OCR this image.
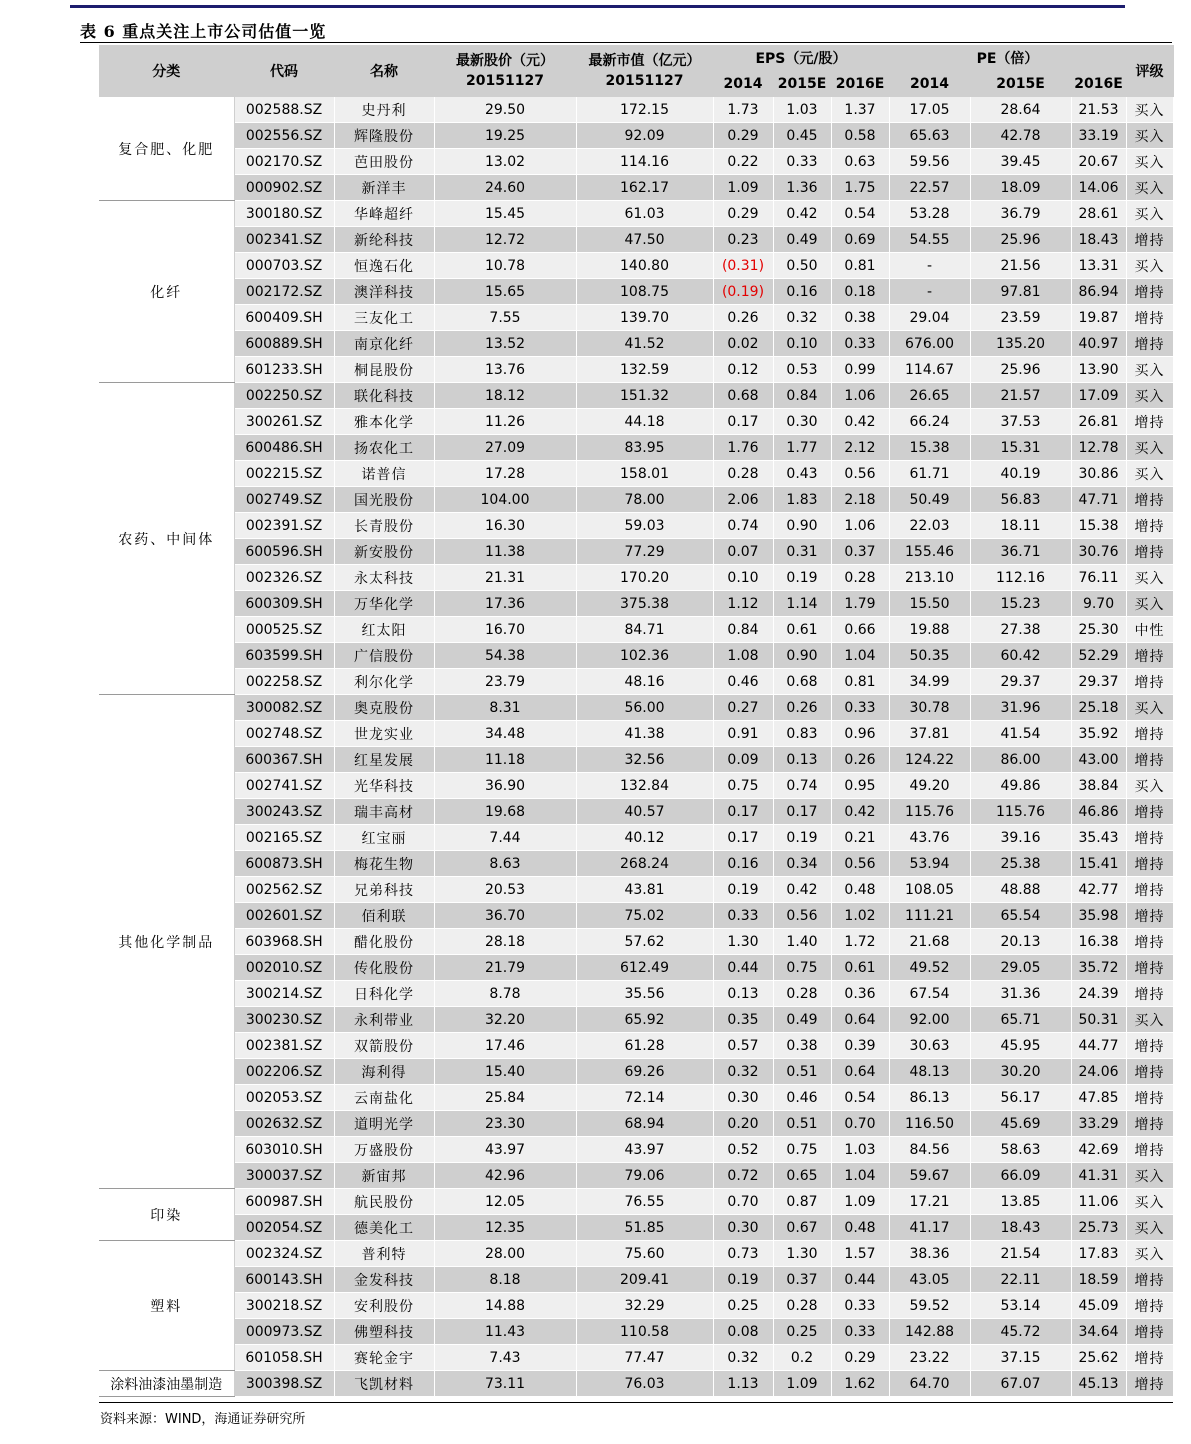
表 6 重点关注上市公司估值一览
分类	代码	名称	最新股价（元）20151127	最新市值（亿元）20151127	EPS（元/股）			PE（倍）			评级
					2014	2015E	2016E	2014	2015E	2016E	
复合肥、化肥	002588.SZ	史丹利	29.50	172.15	1.73	1.03	1.37	17.05	28.64	21.53	买入
	002556.SZ	辉隆股份	19.25	92.09	0.29	0.45	0.58	65.63	42.78	33.19	买入
	002170.SZ	芭田股份	13.02	114.16	0.22	0.33	0.63	59.56	39.45	20.67	买入
	000902.SZ	新洋丰	24.60	162.17	1.09	1.36	1.75	22.57	18.09	14.06	买入
化纤	300180.SZ	华峰超纤	15.45	61.03	0.29	0.42	0.54	53.28	36.79	28.61	买入
	002341.SZ	新纶科技	12.72	47.50	0.23	0.49	0.69	54.55	25.96	18.43	增持
	000703.SZ	恒逸石化	10.78	140.80	(0.31)	0.50	0.81	-	21.56	13.31	买入
	002172.SZ	澳洋科技	15.65	108.75	(0.19)	0.16	0.18	-	97.81	86.94	增持
	600409.SH	三友化工	7.55	139.70	0.26	0.32	0.38	29.04	23.59	19.87	增持
	600889.SH	南京化纤	13.52	41.52	0.02	0.10	0.33	676.00	135.20	40.97	增持
	601233.SH	桐昆股份	13.76	132.59	0.12	0.53	0.99	114.67	25.96	13.90	买入
农药、中间体	002250.SZ	联化科技	18.12	151.32	0.68	0.84	1.06	26.65	21.57	17.09	买入
	300261.SZ	雅本化学	11.26	44.18	0.17	0.30	0.42	66.24	37.53	26.81	增持
	600486.SH	扬农化工	27.09	83.95	1.76	1.77	2.12	15.38	15.31	12.78	买入
	002215.SZ	诺普信	17.28	158.01	0.28	0.43	0.56	61.71	40.19	30.86	买入
	002749.SZ	国光股份	104.00	78.00	2.06	1.83	2.18	50.49	56.83	47.71	增持
	002391.SZ	长青股份	16.30	59.03	0.74	0.90	1.06	22.03	18.11	15.38	增持
	600596.SH	新安股份	11.38	77.29	0.07	0.31	0.37	155.46	36.71	30.76	增持
	002326.SZ	永太科技	21.31	170.20	0.10	0.19	0.28	213.10	112.16	76.11	买入
	600309.SH	万华化学	17.36	375.38	1.12	1.14	1.79	15.50	15.23	9.70	买入
	000525.SZ	红太阳	16.70	84.71	0.84	0.61	0.66	19.88	27.38	25.30	中性
	603599.SH	广信股份	54.38	102.36	1.08	0.90	1.04	50.35	60.42	52.29	增持
	002258.SZ	利尔化学	23.79	48.16	0.46	0.68	0.81	34.99	29.37	29.37	增持
其他化学制品	300082.SZ	奥克股份	8.31	56.00	0.27	0.26	0.33	30.78	31.96	25.18	买入
	002748.SZ	世龙实业	34.48	41.38	0.91	0.83	0.96	37.81	41.54	35.92	增持
	600367.SH	红星发展	11.18	32.56	0.09	0.13	0.26	124.22	86.00	43.00	增持
	002741.SZ	光华科技	36.90	132.84	0.75	0.74	0.95	49.20	49.86	38.84	买入
	300243.SZ	瑞丰高材	19.68	40.57	0.17	0.17	0.42	115.76	115.76	46.86	增持
	002165.SZ	红宝丽	7.44	40.12	0.17	0.19	0.21	43.76	39.16	35.43	增持
	600873.SH	梅花生物	8.63	268.24	0.16	0.34	0.56	53.94	25.38	15.41	增持
	002562.SZ	兄弟科技	20.53	43.81	0.19	0.42	0.48	108.05	48.88	42.77	增持
	002601.SZ	佰利联	36.70	75.02	0.33	0.56	1.02	111.21	65.54	35.98	增持
	603968.SH	醋化股份	28.18	57.62	1.30	1.40	1.72	21.68	20.13	16.38	增持
	002010.SZ	传化股份	21.79	612.49	0.44	0.75	0.61	49.52	29.05	35.72	增持
	300214.SZ	日科化学	8.78	35.56	0.13	0.28	0.36	67.54	31.36	24.39	增持
	300230.SZ	永利带业	32.20	65.92	0.35	0.49	0.64	92.00	65.71	50.31	买入
	002381.SZ	双箭股份	17.46	61.28	0.57	0.38	0.39	30.63	45.95	44.77	增持
	002206.SZ	海利得	15.40	69.26	0.32	0.51	0.64	48.13	30.20	24.06	增持
	002053.SZ	云南盐化	25.84	72.14	0.30	0.46	0.54	86.13	56.17	47.85	增持
	002632.SZ	道明光学	23.30	68.94	0.20	0.51	0.70	116.50	45.69	33.29	增持
	603010.SH	万盛股份	43.97	43.97	0.52	0.75	1.03	84.56	58.63	42.69	增持
	300037.SZ	新宙邦	42.96	79.06	0.72	0.65	1.04	59.67	66.09	41.31	买入
印染	600987.SH	航民股份	12.05	76.55	0.70	0.87	1.09	17.21	13.85	11.06	买入
	002054.SZ	德美化工	12.35	51.85	0.30	0.67	0.48	41.17	18.43	25.73	买入
塑料	002324.SZ	普利特	28.00	75.60	0.73	1.30	1.57	38.36	21.54	17.83	买入
	600143.SH	金发科技	8.18	209.41	0.19	0.37	0.44	43.05	22.11	18.59	增持
	300218.SZ	安利股份	14.88	32.29	0.25	0.28	0.33	59.52	53.14	45.09	增持
	000973.SZ	佛塑科技	11.43	110.58	0.08	0.25	0.33	142.88	45.72	34.64	增持
	601058.SH	赛轮金宇	7.43	77.47	0.32	0.2	0.29	23.22	37.15	25.62	增持
涂料油漆油墨制造	300398.SZ	飞凯材料	73.11	76.03	1.13	1.09	1.62	64.70	67.07	45.13	增持
资料来源：WIND，海通证券研究所
